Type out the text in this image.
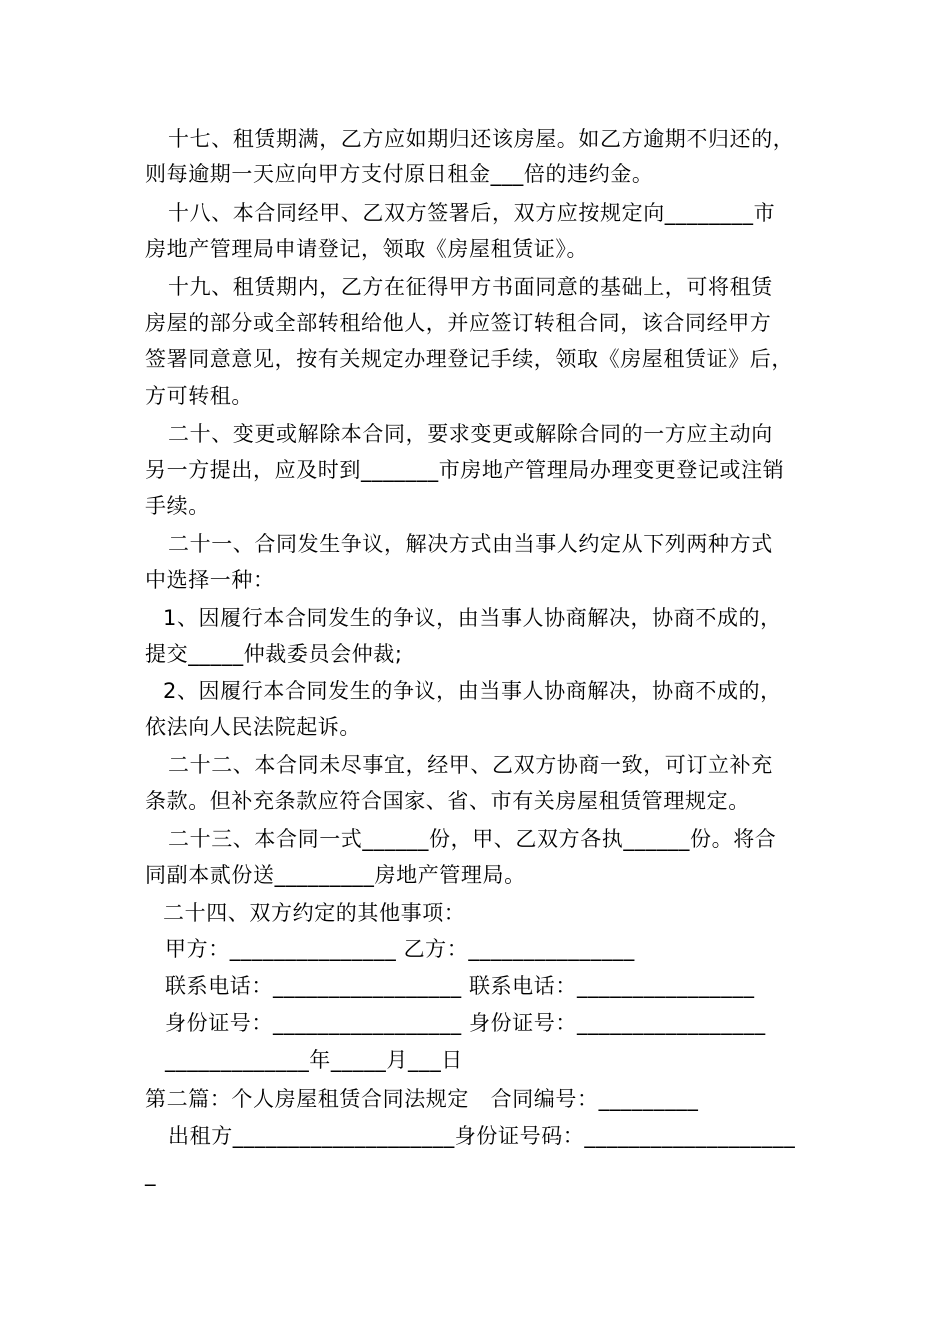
十七、租赁期满，乙方应如期归还该房屋。如乙方逾期不归还的，
则每逾期一天应向甲方支付原日租金___倍的违约金。
十八、本合同经甲、乙双方签署后，双方应按规定向________市
房地产管理局申请登记，领取《房屋租赁证》。
十九、租赁期内，乙方在征得甲方书面同意的基础上，可将租赁
房屋的部分或全部转租给他人，并应签订转租合同，该合同经甲方
签署同意意见，按有关规定办理登记手续，领取《房屋租赁证》后，
方可转租。
二十、变更或解除本合同，要求变更或解除合同的一方应主动向
另一方提出，应及时到_______市房地产管理局办理变更登记或注销
手续。
二十一、合同发生争议，解决方式由当事人约定从下列两种方式
中选择一种：
1、因履行本合同发生的争议，由当事人协商解决，协商不成的，
提交_____仲裁委员会仲裁;
2、因履行本合同发生的争议，由当事人协商解决，协商不成的，
依法向人民法院起诉。
二十二、本合同未尽事宜，经甲、乙双方协商一致，可订立补充
条款。但补充条款应符合国家、省、市有关房屋租赁管理规定。
二十三、本合同一式______份，甲、乙双方各执______份。将合
同副本贰份送_________房地产管理局。
二十四、双方约定的其他事项：
甲方：_______________ 乙方：_______________
联系电话：_________________ 联系电话：________________
身份证号：_________________ 身份证号：_________________
_____________年_____月___日
第二篇：个人房屋租赁合同法规定　合同编号：_________
出租方____________________身份证号码：___________________
_
